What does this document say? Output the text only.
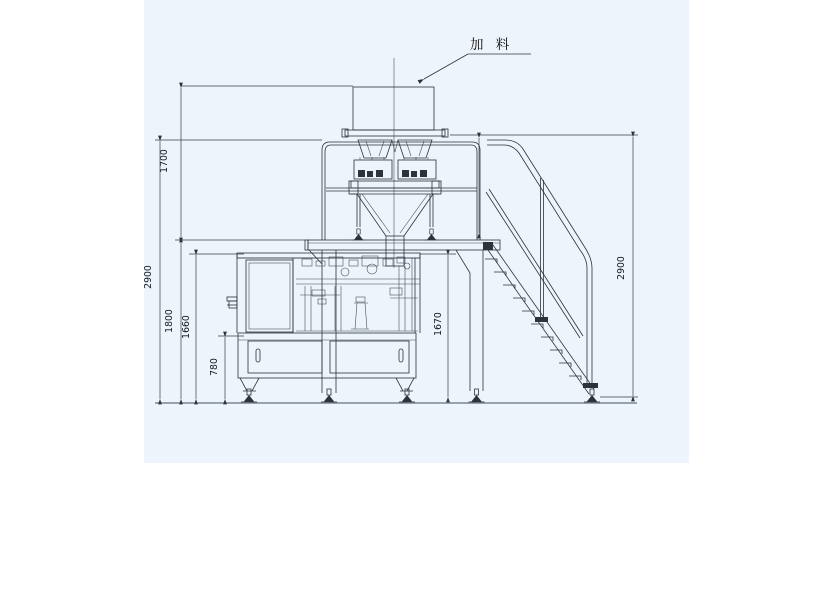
加 料
1700
2900
1800 1660
780
1670
2900
